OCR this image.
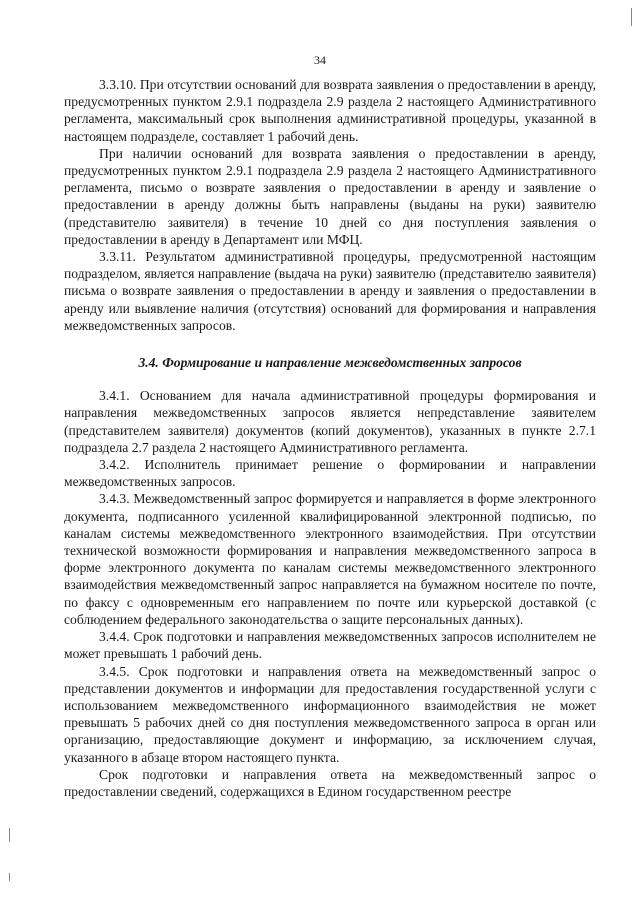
34

3.3.10. При отсутствии оснований для возврата заявления о предоставлении в аренду, предусмотренных пунктом 2.9.1 подраздела 2.9 раздела 2 настоящего Административного регламента, максимальный срок выполнения административной процедуры, указанной в настоящем подразделе, составляет 1 рабочий день.

При наличии оснований для возврата заявления о предоставлении в аренду, предусмотренных пунктом 2.9.1 подраздела 2.9 раздела 2 настоящего Административного регламента, письмо о возврате заявления о предоставлении в аренду и заявление о предоставлении в аренду должны быть направлены (выданы на руки) заявителю (представителю заявителя) в течение 10 дней со дня поступления заявления о предоставлении в аренду в Департамент или МФЦ.

3.3.11. Результатом административной процедуры, предусмотренной настоящим подразделом, является направление (выдача на руки) заявителю (представителю заявителя) письма о возврате заявления о предоставлении в аренду и заявления о предоставлении в аренду или выявление наличия (отсутствия) оснований для формирования и направления межведомственных запросов.

3.4. Формирование и направление межведомственных запросов

3.4.1. Основанием для начала административной процедуры формирования и направления межведомственных запросов является непредставление заявителем (представителем заявителя) документов (копий документов), указанных в пункте 2.7.1 подраздела 2.7 раздела 2 настоящего Административного регламента.

3.4.2. Исполнитель принимает решение о формировании и направлении межведомственных запросов.

3.4.3. Межведомственный запрос формируется и направляется в форме электронного документа, подписанного усиленной квалифицированной электронной подписью, по каналам системы межведомственного электронного взаимодействия. При отсутствии технической возможности формирования и направления межведомственного запроса в форме электронного документа по каналам системы межведомственного электронного взаимодействия межведомственный запрос направляется на бумажном носителе по почте, по факсу с одновременным его направлением по почте или курьерской доставкой (с соблюдением федерального законодательства о защите персональных данных).

3.4.4. Срок подготовки и направления межведомственных запросов исполнителем не может превышать 1 рабочий день.

3.4.5. Срок подготовки и направления ответа на межведомственный запрос о представлении документов и информации для предоставления государственной услуги с использованием межведомственного информационного взаимодействия не может превышать 5 рабочих дней со дня поступления межведомственного запроса в орган или организацию, предоставляющие документ и информацию, за исключением случая, указанного в абзаце втором настоящего пункта.

Срок подготовки и направления ответа на межведомственный запрос о предоставлении сведений, содержащихся в Едином государственном реестре
